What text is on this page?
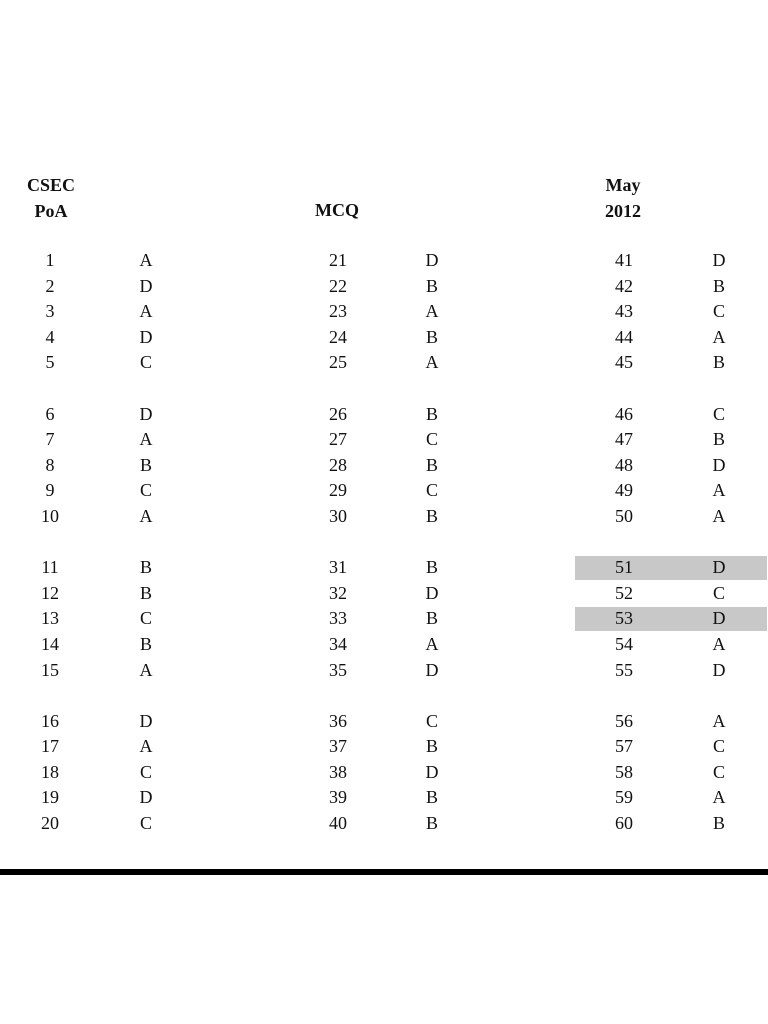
CSEC
PoA	MCQ
May
2012
1	A
2	D
3	A
4	D
5	C
6	D
7	A
8	B
9	C
10	A
11	B
12	B
13	C
14	B
15	A
16	D
17	A
18	C
19	D
20	C
21	D
22	B
23	A
24	B
25	A
26	B
27	C
28	B
29	C
30	B
31	B
32	D
33	B
34	A
35	D
36	C
37	B
38	D
39	B
40	B
41	D
42	B
43	C
44	A
45	B
46	C
47	B
48	D
49	A
50	A
51	D
52	C
53	D
54	A
55	D
56	A
57	C
58	C
59	A
60	B
